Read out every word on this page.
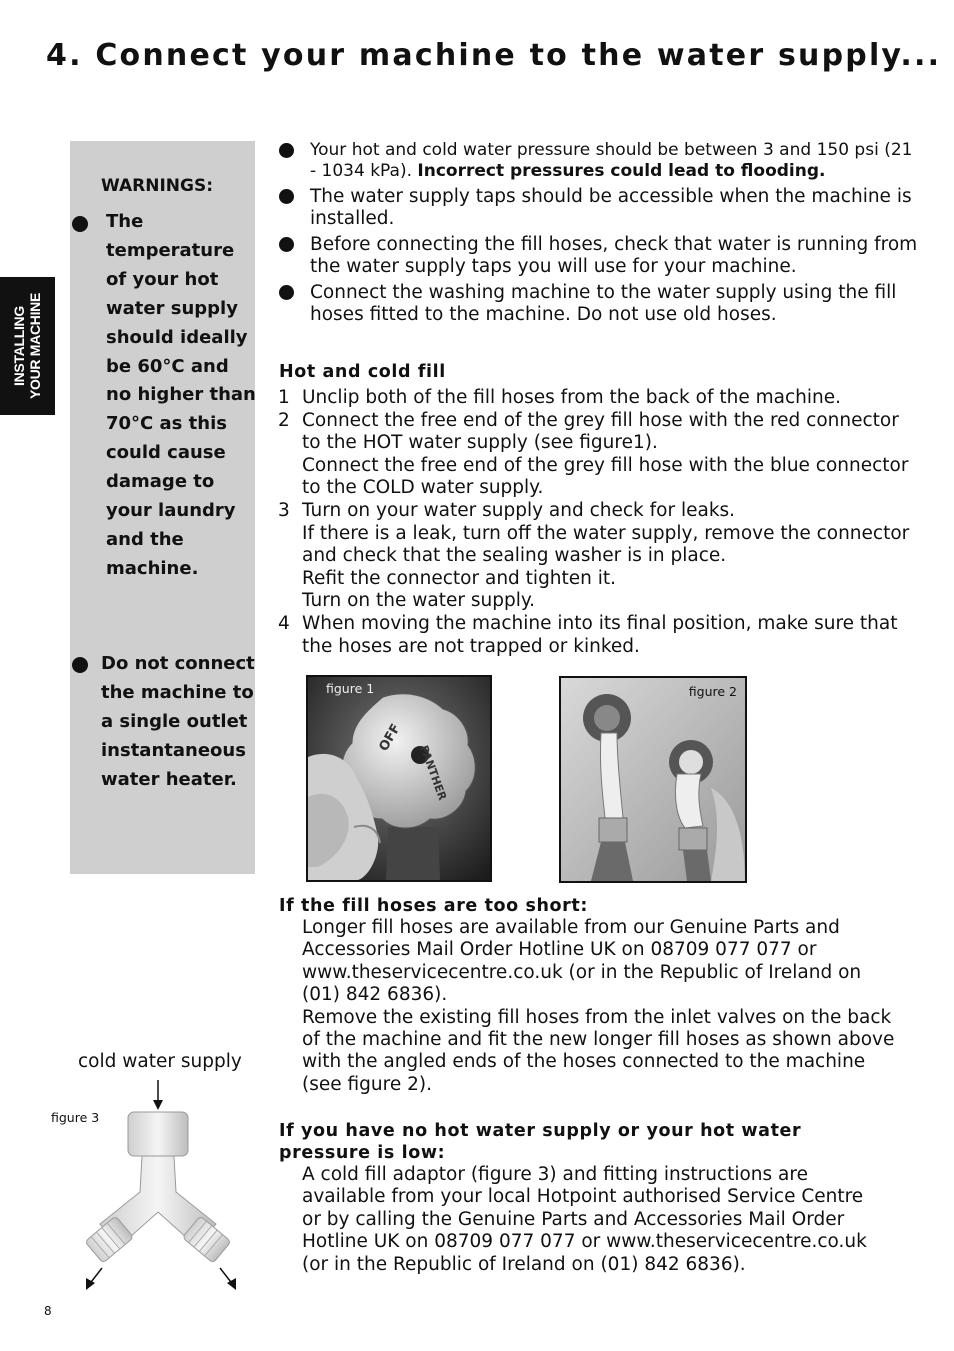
4. Connect your machine to the water supply...
INSTALLING YOUR MACHINE
WARNINGS:
The temperature of your hot water supply should ideally be 60°C and no higher than 70°C as this could cause damage to your laundry and the machine.
Do not connect the machine to a single outlet instantaneous water heater.
Your hot and cold water pressure should be between 3 and 150 psi (21 - 1034 kPa). Incorrect pressures could lead to flooding.
The water supply taps should be accessible when the machine is installed.
Before connecting the fill hoses, check that water is running from the water supply taps you will use for your machine.
Connect the washing machine to the water supply using the fill hoses fitted to the machine. Do not use old hoses.
Hot and cold fill
1 Unclip both of the fill hoses from the back of the machine.
2 Connect the free end of the grey fill hose with the red connector to the HOT water supply (see figure1).
Connect the free end of the grey fill hose with the blue connector to the COLD water supply.
3 Turn on your water supply and check for leaks.
If there is a leak, turn off the water supply, remove the connector and check that the sealing washer is in place.
Refit the connector and tighten it.
Turn on the water supply.
4 When moving the machine into its final position, make sure that the hoses are not trapped or kinked.
OFF
PANTHER
figure 1	figure 2
If the fill hoses are too short:
Longer fill hoses are available from our Genuine Parts and Accessories Mail Order Hotline UK on 08709 077 077 or www.theservicecentre.co.uk (or in the Republic of Ireland on (01) 842 6836).
Remove the existing fill hoses from the inlet valves on the back of the machine and fit the new longer fill hoses as shown above with the angled ends of the hoses connected to the machine (see figure 2).
If you have no hot water supply or your hot water pressure is low:
A cold fill adaptor (figure 3) and fitting instructions are available from your local Hotpoint authorised Service Centre or by calling the Genuine Parts and Accessories Mail Order Hotline UK on 08709 077 077 or www.theservicecentre.co.uk
(or in the Republic of Ireland on (01) 842 6836).
cold water supply
figure 3
8
